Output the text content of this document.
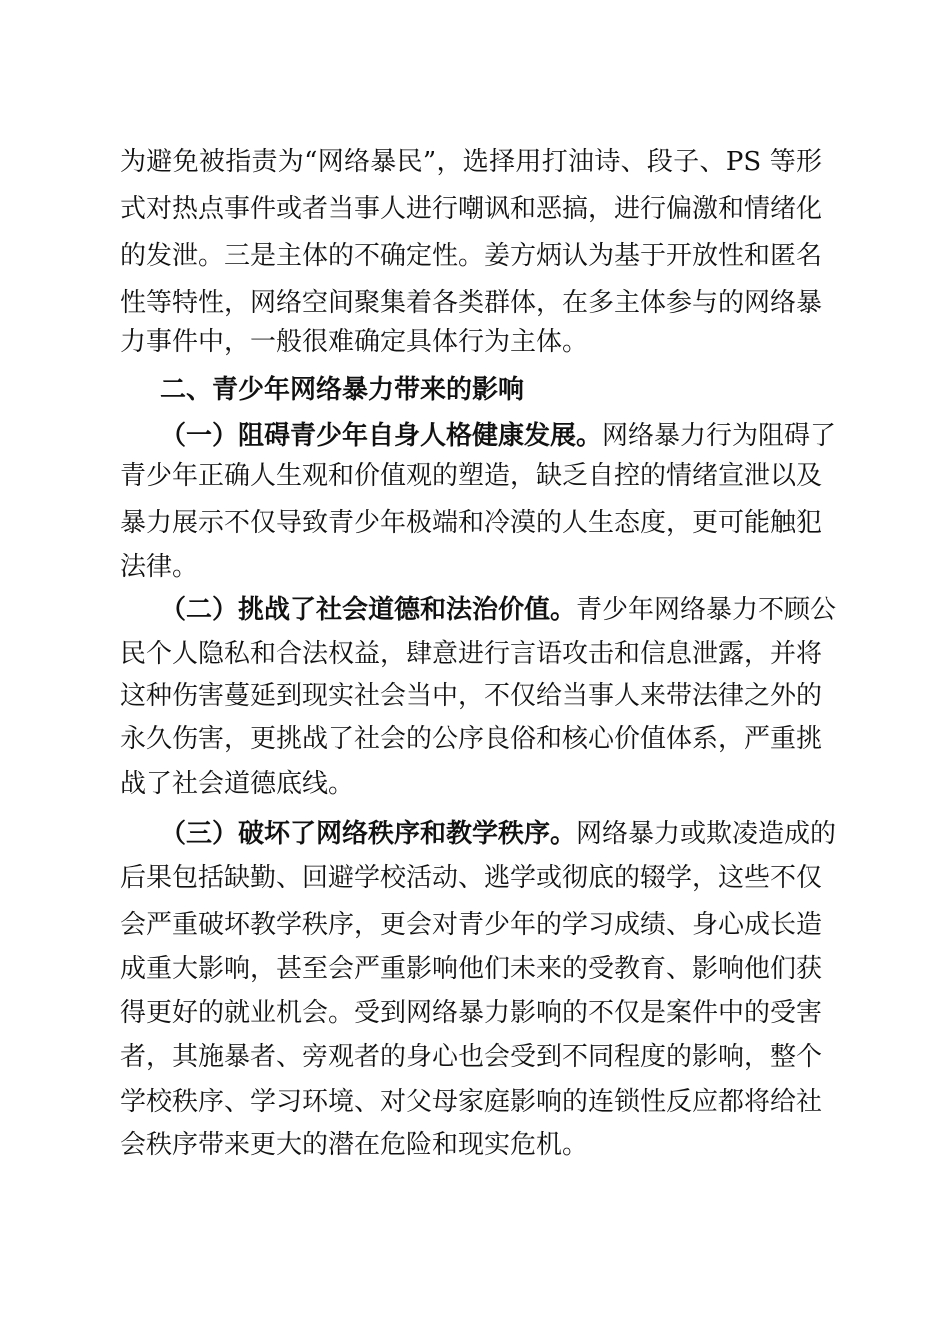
为避免被指责为“网络暴民”，选择用打油诗、段子、PS 等形
式对热点事件或者当事人进行嘲讽和恶搞，进行偏激和情绪化
的发泄。三是主体的不确定性。姜方炳认为基于开放性和匿名
性等特性，网络空间聚集着各类群体，在多主体参与的网络暴
力事件中，一般很难确定具体行为主体。
二、青少年网络暴力带来的影响
（一）阻碍青少年自身人格健康发展。网络暴力行为阻碍了
青少年正确人生观和价值观的塑造，缺乏自控的情绪宣泄以及
暴力展示不仅导致青少年极端和冷漠的人生态度，更可能触犯
法律。
（二）挑战了社会道德和法治价值。青少年网络暴力不顾公
民个人隐私和合法权益，肆意进行言语攻击和信息泄露，并将
这种伤害蔓延到现实社会当中，不仅给当事人来带法律之外的
永久伤害，更挑战了社会的公序良俗和核心价值体系，严重挑
战了社会道德底线。
（三）破坏了网络秩序和教学秩序。网络暴力或欺凌造成的
后果包括缺勤、回避学校活动、逃学或彻底的辍学，这些不仅
会严重破坏教学秩序，更会对青少年的学习成绩、身心成长造
成重大影响，甚至会严重影响他们未来的受教育、影响他们获
得更好的就业机会。受到网络暴力影响的不仅是案件中的受害
者，其施暴者、旁观者的身心也会受到不同程度的影响，整个
学校秩序、学习环境、对父母家庭影响的连锁性反应都将给社
会秩序带来更大的潜在危险和现实危机。
